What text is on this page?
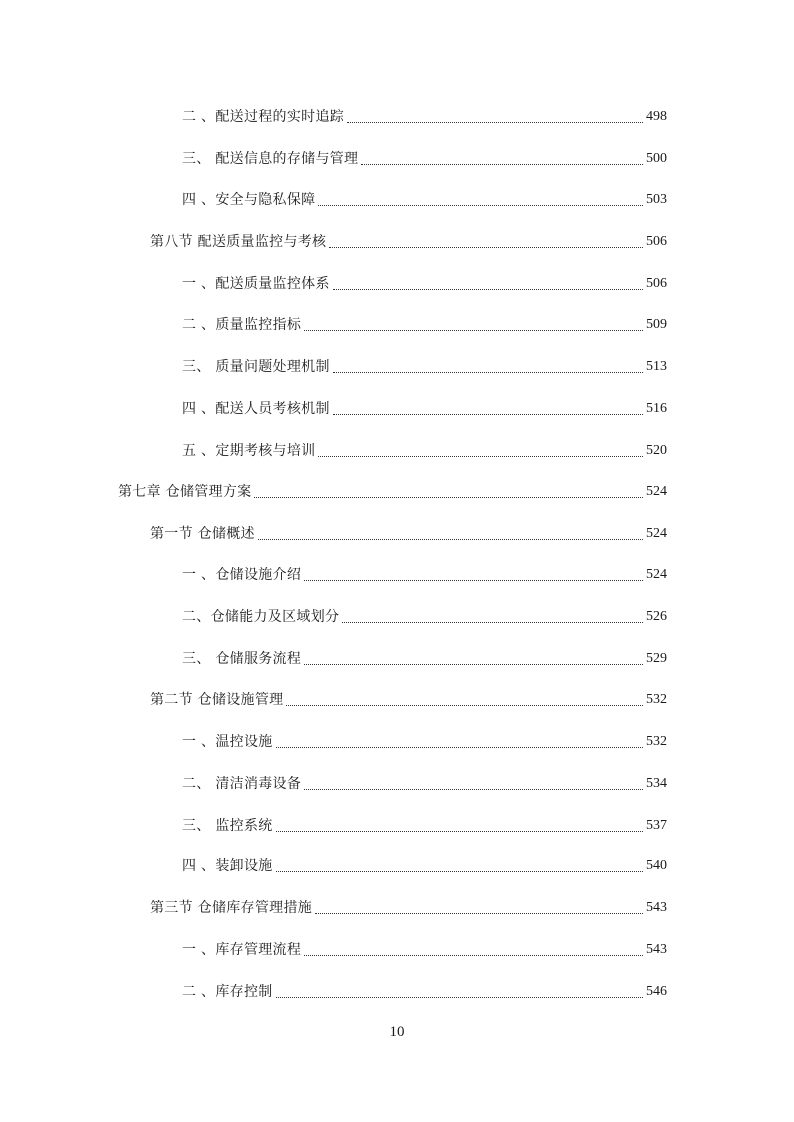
二 、配送过程的实时追踪	498
三、 配送信息的存储与管理	500
四 、安全与隐私保障	503
第八节 配送质量监控与考核	506
一 、配送质量监控体系	506
二 、质量监控指标	509
三、 质量问题处理机制	513
四 、配送人员考核机制	516
五 、定期考核与培训	520
第七章 仓储管理方案	524
第一节 仓储概述	524
一 、仓储设施介绍	524
二、仓储能力及区域划分	526
三、 仓储服务流程	529
第二节 仓储设施管理	532
一 、温控设施	532
二、 清洁消毒设备	534
三、 监控系统	537
四 、装卸设施	540
第三节 仓储库存管理措施	543
一 、库存管理流程	543
二 、库存控制	546
10
